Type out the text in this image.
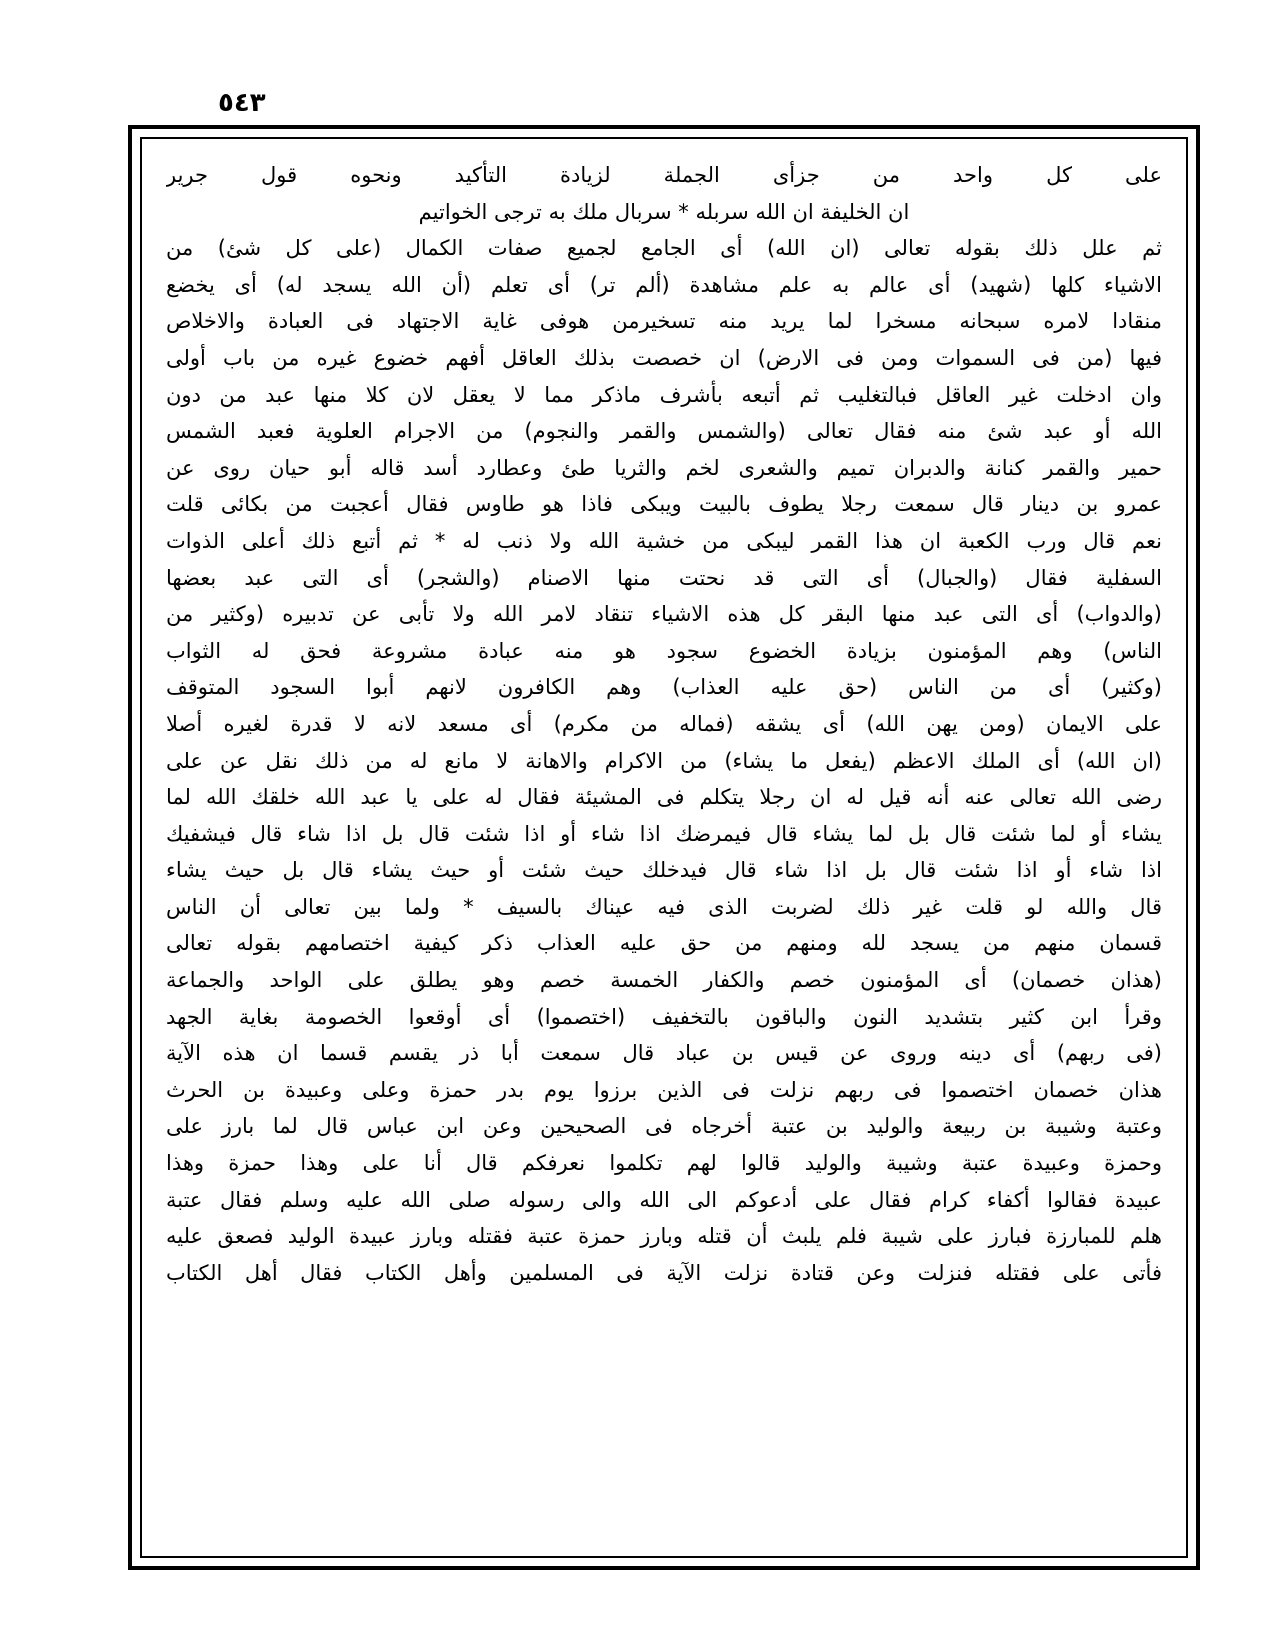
٥٤٣
على كل واحد من جزأى الجملة لزيادة التأكيد ونحوه قول جرير
ان الخليفة ان الله سربله * سربال ملك به ترجى الخواتيم
ثم علل ذلك بقوله تعالى (ان الله) أى الجامع لجميع صفات الكمال (على كل شئ) من
الاشياء كلها (شهيد) أى عالم به علم مشاهدة (ألم تر) أى تعلم (أن الله يسجد له) أى يخضع
منقادا لامره سبحانه مسخرا لما يريد منه تسخيرمن هوفى غاية الاجتهاد فى العبادة والاخلاص
فيها (من فى السموات ومن فى الارض) ان خصصت بذلك العاقل أفهم خضوع غيره من باب أولى
وان ادخلت غير العاقل فبالتغليب ثم أتبعه بأشرف ماذكر مما لا يعقل لان كلا منها عبد من دون
الله أو عبد شئ منه فقال تعالى (والشمس والقمر والنجوم) من الاجرام العلوية فعبد الشمس
حمير والقمر كنانة والدبران تميم والشعرى لخم والثريا طئ وعطارد أسد قاله أبو حيان روى عن
عمرو بن دينار قال سمعت رجلا يطوف بالبيت ويبكى فاذا هو طاوس فقال أعجبت من بكائى قلت
نعم قال ورب الكعبة ان هذا القمر ليبكى من خشية الله ولا ذنب له * ثم أتبع ذلك أعلى الذوات
السفلية فقال (والجبال) أى التى قد نحتت منها الاصنام (والشجر) أى التى عبد بعضها
(والدواب) أى التى عبد منها البقر كل هذه الاشياء تنقاد لامر الله ولا تأبى عن تدبيره (وكثير من
الناس) وهم المؤمنون بزيادة الخضوع سجود هو منه عبادة مشروعة فحق له الثواب
(وكثير) أى من الناس (حق عليه العذاب) وهم الكافرون لانهم أبوا السجود المتوقف
على الايمان (ومن يهن الله) أى يشقه (فماله من مكرم) أى مسعد لانه لا قدرة لغيره أصلا
(ان الله) أى الملك الاعظم (يفعل ما يشاء) من الاكرام والاهانة لا مانع له من ذلك نقل عن على
رضى الله تعالى عنه أنه قيل له ان رجلا يتكلم فى المشيئة فقال له على يا عبد الله خلقك الله لما
يشاء أو لما شئت قال بل لما يشاء قال فيمرضك اذا شاء أو اذا شئت قال بل اذا شاء قال فيشفيك
اذا شاء أو اذا شئت قال بل اذا شاء قال فيدخلك حيث شئت أو حيث يشاء قال بل حيث يشاء
قال والله لو قلت غير ذلك لضربت الذى فيه عيناك بالسيف * ولما بين تعالى أن الناس
قسمان منهم من يسجد لله ومنهم من حق عليه العذاب ذكر كيفية اختصامهم بقوله تعالى
(هذان خصمان) أى المؤمنون خصم والكفار الخمسة خصم وهو يطلق على الواحد والجماعة
وقرأ ابن كثير بتشديد النون والباقون بالتخفيف (اختصموا) أى أوقعوا الخصومة بغاية الجهد
(فى ربهم) أى دينه وروى عن قيس بن عباد قال سمعت أبا ذر يقسم قسما ان هذه الآية
هذان خصمان اختصموا فى ربهم نزلت فى الذين برزوا يوم بدر حمزة وعلى وعبيدة بن الحرث
وعتبة وشيبة بن ربيعة والوليد بن عتبة أخرجاه فى الصحيحين وعن ابن عباس قال لما بارز على
وحمزة وعبيدة عتبة وشيبة والوليد قالوا لهم تكلموا نعرفكم قال أنا على وهذا حمزة وهذا
عبيدة فقالوا أكفاء كرام فقال على أدعوكم الى الله والى رسوله صلى الله عليه وسلم فقال عتبة
هلم للمبارزة فبارز على شيبة فلم يلبث أن قتله وبارز حمزة عتبة فقتله وبارز عبيدة الوليد فصعق عليه
فأتى على فقتله فنزلت وعن قتادة نزلت الآية فى المسلمين وأهل الكتاب فقال أهل الكتاب
